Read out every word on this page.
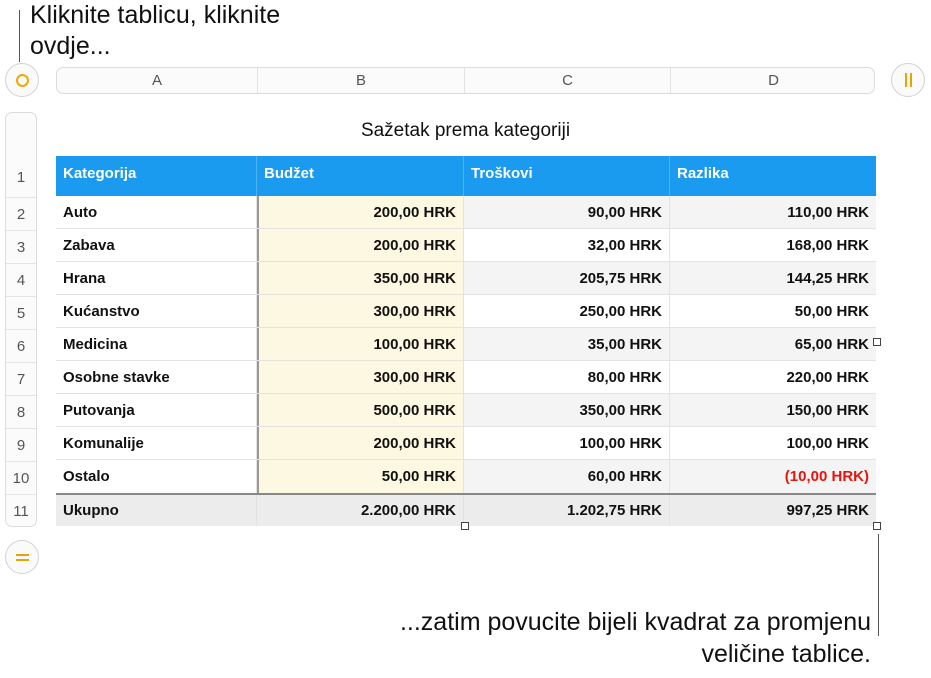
Kliknite tablicu, kliknite ovdje...
...zatim povucite bijeli kvadrat za promjenu veličine tablice.
A	B	C	D
1
2
3
4
5
6
7
8
9
10
11
Sažetak prema kategoriji
Kategorija	Budžet	Troškovi	Razlika
Auto	200,00 HRK	90,00 HRK	110,00 HRK
Zabava	200,00 HRK	32,00 HRK	168,00 HRK
Hrana	350,00 HRK	205,75 HRK	144,25 HRK
Kućanstvo	300,00 HRK	250,00 HRK	50,00 HRK
Medicina	100,00 HRK	35,00 HRK	65,00 HRK
Osobne stavke	300,00 HRK	80,00 HRK	220,00 HRK
Putovanja	500,00 HRK	350,00 HRK	150,00 HRK
Komunalije	200,00 HRK	100,00 HRK	100,00 HRK
Ostalo	50,00 HRK	60,00 HRK	(10,00 HRK)
Ukupno	2.200,00 HRK	1.202,75 HRK	997,25 HRK
